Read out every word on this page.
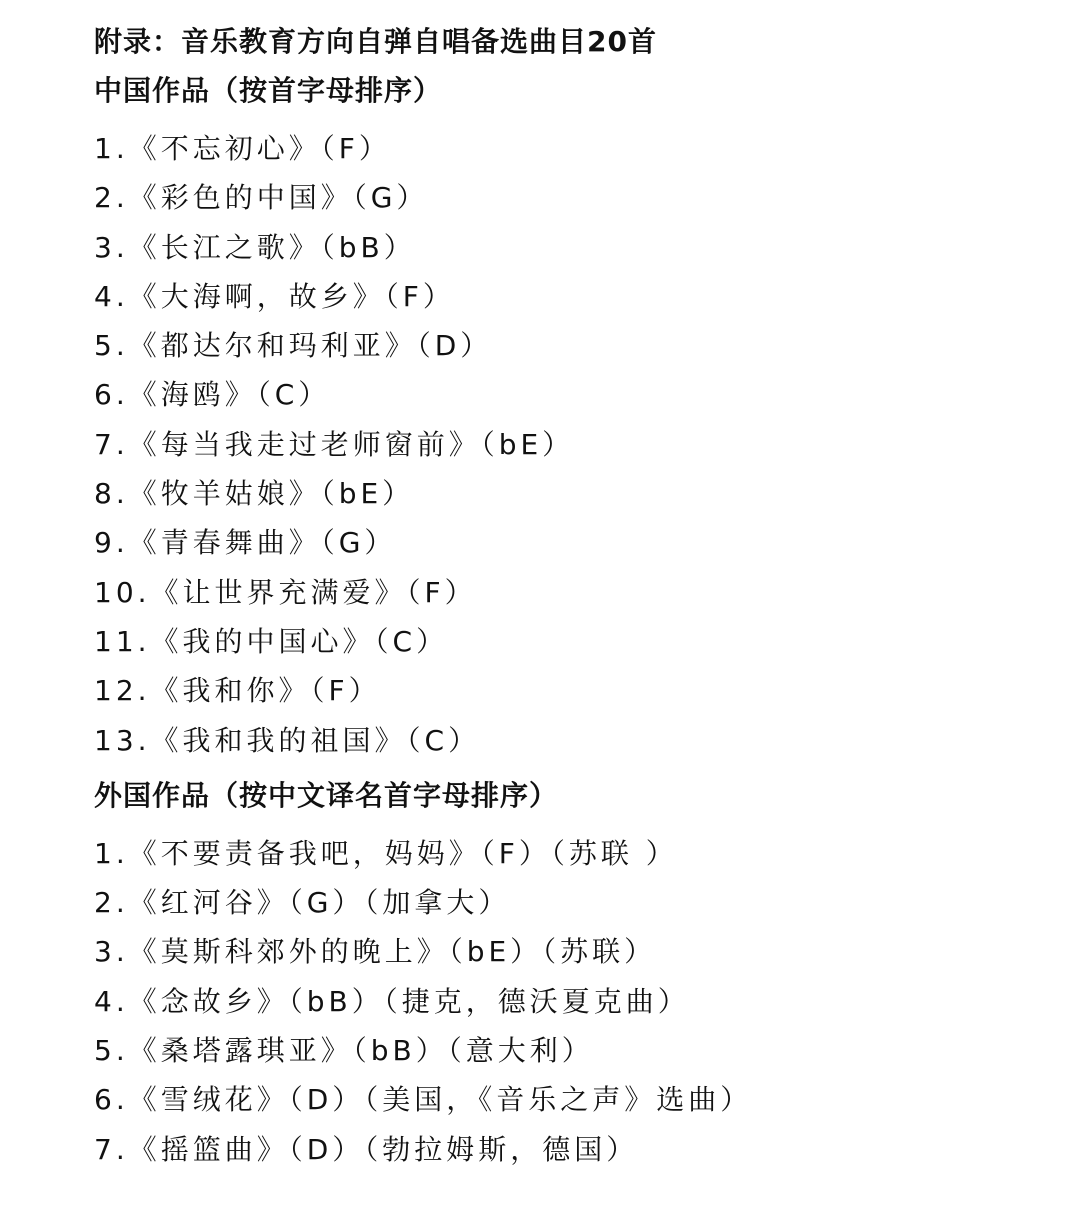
附录：音乐教育方向自弹自唱备选曲目20首
中国作品（按首字母排序）
1.《不忘初心》（F）
2.《彩色的中国》（G）
3.《长江之歌》（bB）
4.《大海啊，故乡》（F）
5.《都达尔和玛利亚》（D）
6.《海鸥》（C）
7.《每当我走过老师窗前》（bE）
8.《牧羊姑娘》（bE）
9.《青春舞曲》（G）
10.《让世界充满爱》（F）
11.《我的中国心》（C）
12.《我和你》（F）
13.《我和我的祖国》（C）
外国作品（按中文译名首字母排序）
1.《不要责备我吧，妈妈》（F）（苏联 ）
2.《红河谷》（G）（加拿大）
3.《莫斯科郊外的晚上》（bE）（苏联）
4.《念故乡》（bB）（捷克，德沃夏克曲）
5.《桑塔露琪亚》（bB）（意大利）
6.《雪绒花》（D）（美国，《音乐之声》选曲）
7.《摇篮曲》（D）（勃拉姆斯，德国）
